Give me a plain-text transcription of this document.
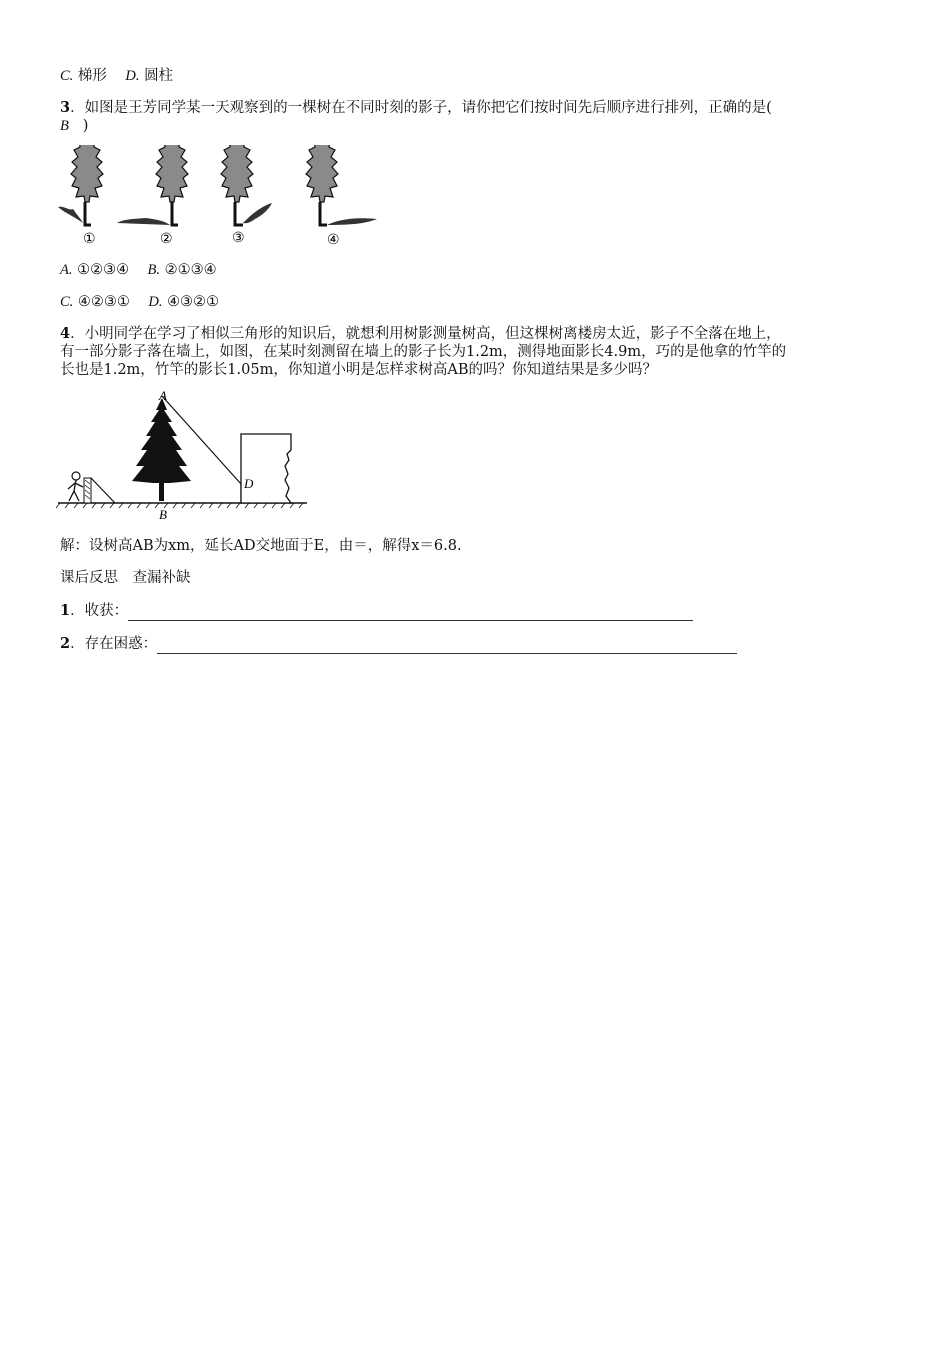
C. 梯形 D. 圆柱
3．如图是王芳同学某一天观察到的一棵树在不同时刻的影子，请你把它们按时间先后顺序进行排列，正确的是(
B )
①	②	③	④
A. ①②③④ B. ②①③④
C. ④②③① D. ④③②①
4．小明同学在学习了相似三角形的知识后，就想利用树影测量树高，但这棵树离楼房太近，影子不全落在地上，
有一部分影子落在墙上，如图，在某时刻测留在墙上的影子长为1.2m，测得地面影长4.9m，巧的是他拿的竹竿的
长也是1.2m，竹竿的影长1.05m，你知道小明是怎样求树高AB的吗？你知道结果是多少吗？
A
B
D
解：设树高AB为xm，延长AD交地面于E，由＝，解得x＝6.8.
课后反思　查漏补缺
1．收获：
2．存在困惑：
